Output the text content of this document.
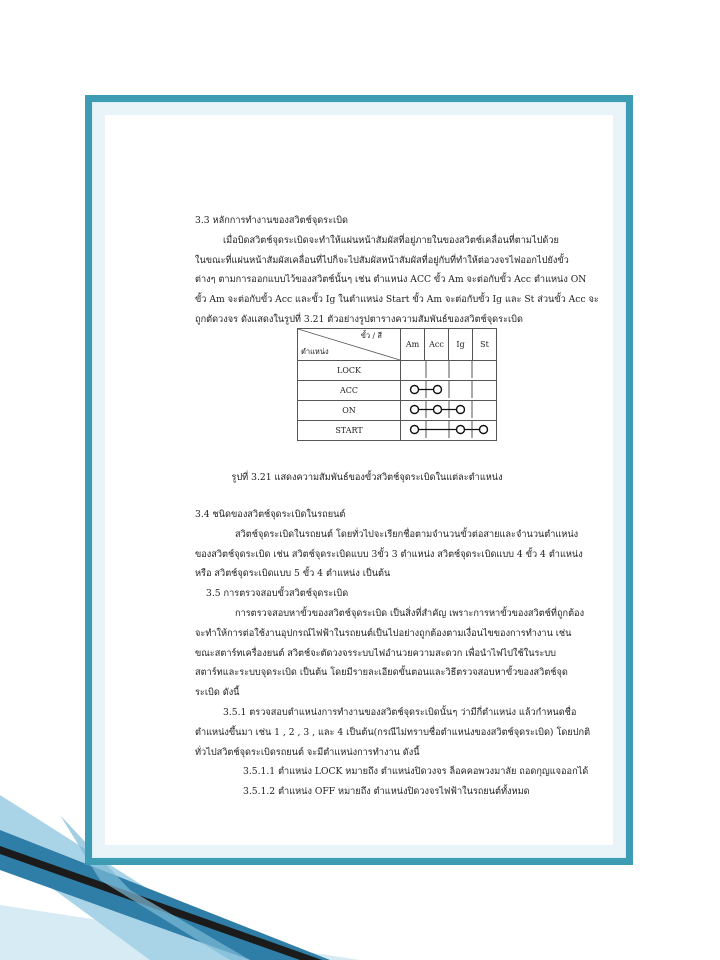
3.3 หลักการทำงานของสวิตช์จุดระเบิด

เมื่อบิดสวิตช์จุดระเบิดจะทำให้แผ่นหน้าสัมผัสที่อยู่ภายในของสวิตช์เคลื่อนที่ตามไปด้วย

ในขณะที่แผ่นหน้าสัมผัสเคลื่อนที่ไปก็จะไปสัมผัสหน้าสัมผัสที่อยู่กับที่ทำให้ต่อวงจรไฟออกไปยังขั้ว

ต่างๆ ตามการออกแบบไว้ของสวิตช์นั้นๆ เช่น ตำแหน่ง ACC ขั้ว Am จะต่อกับขั้ว Acc ตำแหน่ง ON

ขั้ว Am จะต่อกับขั้ว Acc และขั้ว Ig ในตำแหน่ง Start ขั้ว Am จะต่อกับขั้ว Ig และ St ส่วนขั้ว Acc จะ

ถูกตัดวงจร ดังแสดงในรูปที่ 3.21 ตัวอย่างรูปตารางความสัมพันธ์ของสวิตช์จุดระเบิด

ขั้ว / สี
ตำแหน่ง	Am	Acc	Ig	St
LOCK	
ACC	
ON	
START	
รูปที่ 3.21 แสดงความสัมพันธ์ของขั้วสวิตช์จุดระเบิดในแต่ละตำแหน่ง

3.4 ชนิดของสวิตช์จุดระเบิดในรถยนต์

สวิตช์จุดระเบิดในรถยนต์ โดยทั่วไปจะเรียกชื่อตามจำนวนขั้วต่อสายและจำนวนตำแหน่ง

ของสวิตช์จุดระเบิด เช่น สวิตช์จุดระเบิดแบบ 3ขั้ว 3 ตำแหน่ง สวิตช์จุดระเบิดแบบ 4 ขั้ว 4 ตำแหน่ง

หรือ สวิตช์จุดระเบิดแบบ 5 ขั้ว 4 ตำแหน่ง เป็นต้น

3.5 การตรวจสอบขั้วสวิตช์จุดระเบิด

การตรวจสอบหาขั้วของสวิตช์จุดระเบิด เป็นสิ่งที่สำคัญ เพราะการหาขั้วของสวิตช์ที่ถูกต้อง

จะทำให้การต่อใช้งานอุปกรณ์ไฟฟ้าในรถยนต์เป็นไปอย่างถูกต้องตามเงื่อนไขของการทำงาน เช่น

ขณะสตาร์ทเครื่องยนต์ สวิตช์จะตัดวงจรระบบไฟอำนวยความสะดวก เพื่อนำไฟไปใช้ในระบบ

สตาร์ทและระบบจุดระเบิด เป็นต้น โดยมีรายละเอียดขั้นตอนและวิธีตรวจสอบหาขั้วของสวิตช์จุด

ระเบิด ดังนี้

3.5.1 ตรวจสอบตำแหน่งการทำงานของสวิตช์จุดระเบิดนั้นๆ ว่ามีกี่ตำแหน่ง แล้วกำหนดชื่อ

ตำแหน่งขึ้นมา เช่น 1 , 2 , 3 , และ 4 เป็นต้น(กรณีไม่ทราบชื่อตำแหน่งของสวิตช์จุดระเบิด) โดยปกติ

ทั่วไปสวิตช์จุดระเบิดรถยนต์ จะมีตำแหน่งการทำงาน ดังนี้

3.5.1.1 ตำแหน่ง LOCK หมายถึง ตำแหน่งปิดวงจร ล็อคคอพวงมาลัย ถอดกุญแจออกได้

3.5.1.2 ตำแหน่ง OFF หมายถึง ตำแหน่งปิดวงจรไฟฟ้าในรถยนต์ทั้งหมด
